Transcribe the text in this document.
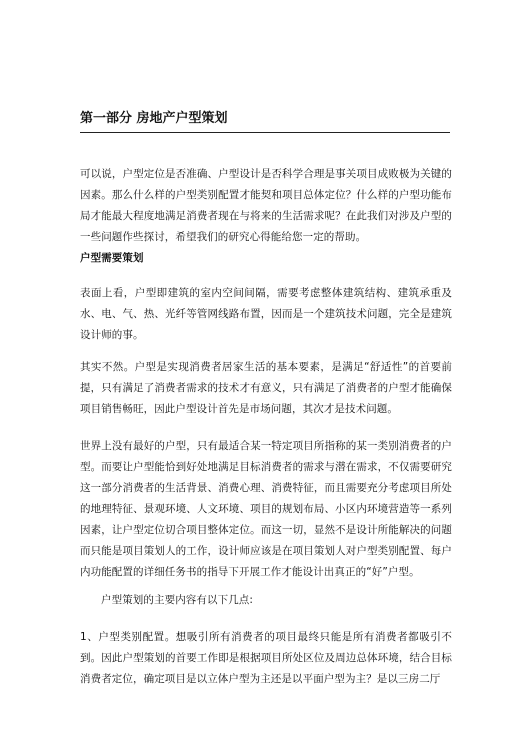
第一部分 房地产户型策划
可以说，户型定位是否准确、户型设计是否科学合理是事关项目成败极为关键的因素。那么什么样的户型类别配置才能契和项目总体定位？什么样的户型功能布局才能最大程度地满足消费者现在与将来的生活需求呢？在此我们对涉及户型的一些问题作些探讨，希望我们的研究心得能给您一定的帮助。
户型需要策划
表面上看，户型即建筑的室内空间间隔，需要考虑整体建筑结构、建筑承重及水、电、气、热、光纤等管网线路布置，因而是一个建筑技术问题，完全是建筑设计师的事。
其实不然。户型是实现消费者居家生活的基本要素，是满足“舒适性”的首要前提，只有满足了消费者需求的技术才有意义，只有满足了消费者的户型才能确保项目销售畅旺，因此户型设计首先是市场问题，其次才是技术问题。
世界上没有最好的户型，只有最适合某一特定项目所指称的某一类别消费者的户型。而要让户型能恰到好处地满足目标消费者的需求与潜在需求，不仅需要研究这一部分消费者的生活背景、消费心理、消费特征，而且需要充分考虑项目所处的地理特征、景观环境、人文环境、项目的规划布局、小区内环境营造等一系列因素，让户型定位切合项目整体定位。而这一切，显然不是设计所能解决的问题而只能是项目策划人的工作，设计师应该是在项目策划人对户型类别配置、每户内功能配置的详细任务书的指导下开展工作才能设计出真正的“好”户型。
户型策划的主要内容有以下几点:
1、户型类别配置。想吸引所有消费者的项目最终只能是所有消费者都吸引不到。因此户型策划的首要工作即是根据项目所处区位及周边总体环境，结合目标消费者定位，确定项目是以立体户型为主还是以平面户型为主？是以三房二厅
